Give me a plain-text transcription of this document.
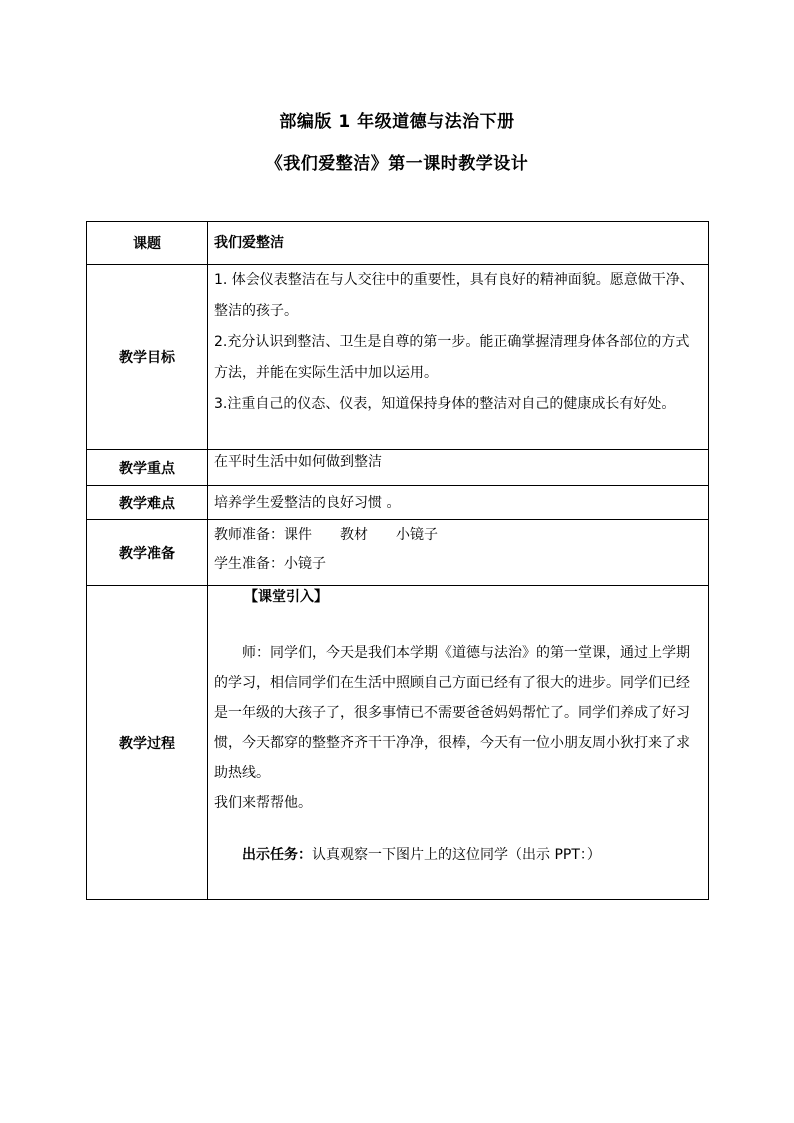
部编版 1 年级道德与法治下册
《我们爱整洁》第一课时教学设计
课题	我们爱整洁
教学目标	1. 体会仪表整洁在与人交往中的重要性，具有良好的精神面貌。愿意做干净、整洁的孩子。
2.充分认识到整洁、卫生是自尊的第一步。能正确掌握清理身体各部位的方式方法，并能在实际生活中加以运用。
3.注重自己的仪态、仪表，知道保持身体的整洁对自己的健康成长有好处。

教学重点	在平时生活中如何做到整洁
教学难点	培养学生爱整洁的良好习惯 。
教学准备	教师准备：课件 教材 小镜子
学生准备：小镜子

教学过程	【课堂引入】
师：同学们，今天是我们本学期《道德与法治》的第一堂课，通过上学期的学习，相信同学们在生活中照顾自己方面已经有了很大的进步。同学们已经是一年级的大孩子了，很多事情已不需要爸爸妈妈帮忙了。同学们养成了好习惯，今天都穿的整整齐齐干干净净，很棒，今天有一位小朋友周小狄打来了求助热线。
我们来帮帮他。
出示任务：认真观察一下图片上的这位同学（出示 PPT：）
